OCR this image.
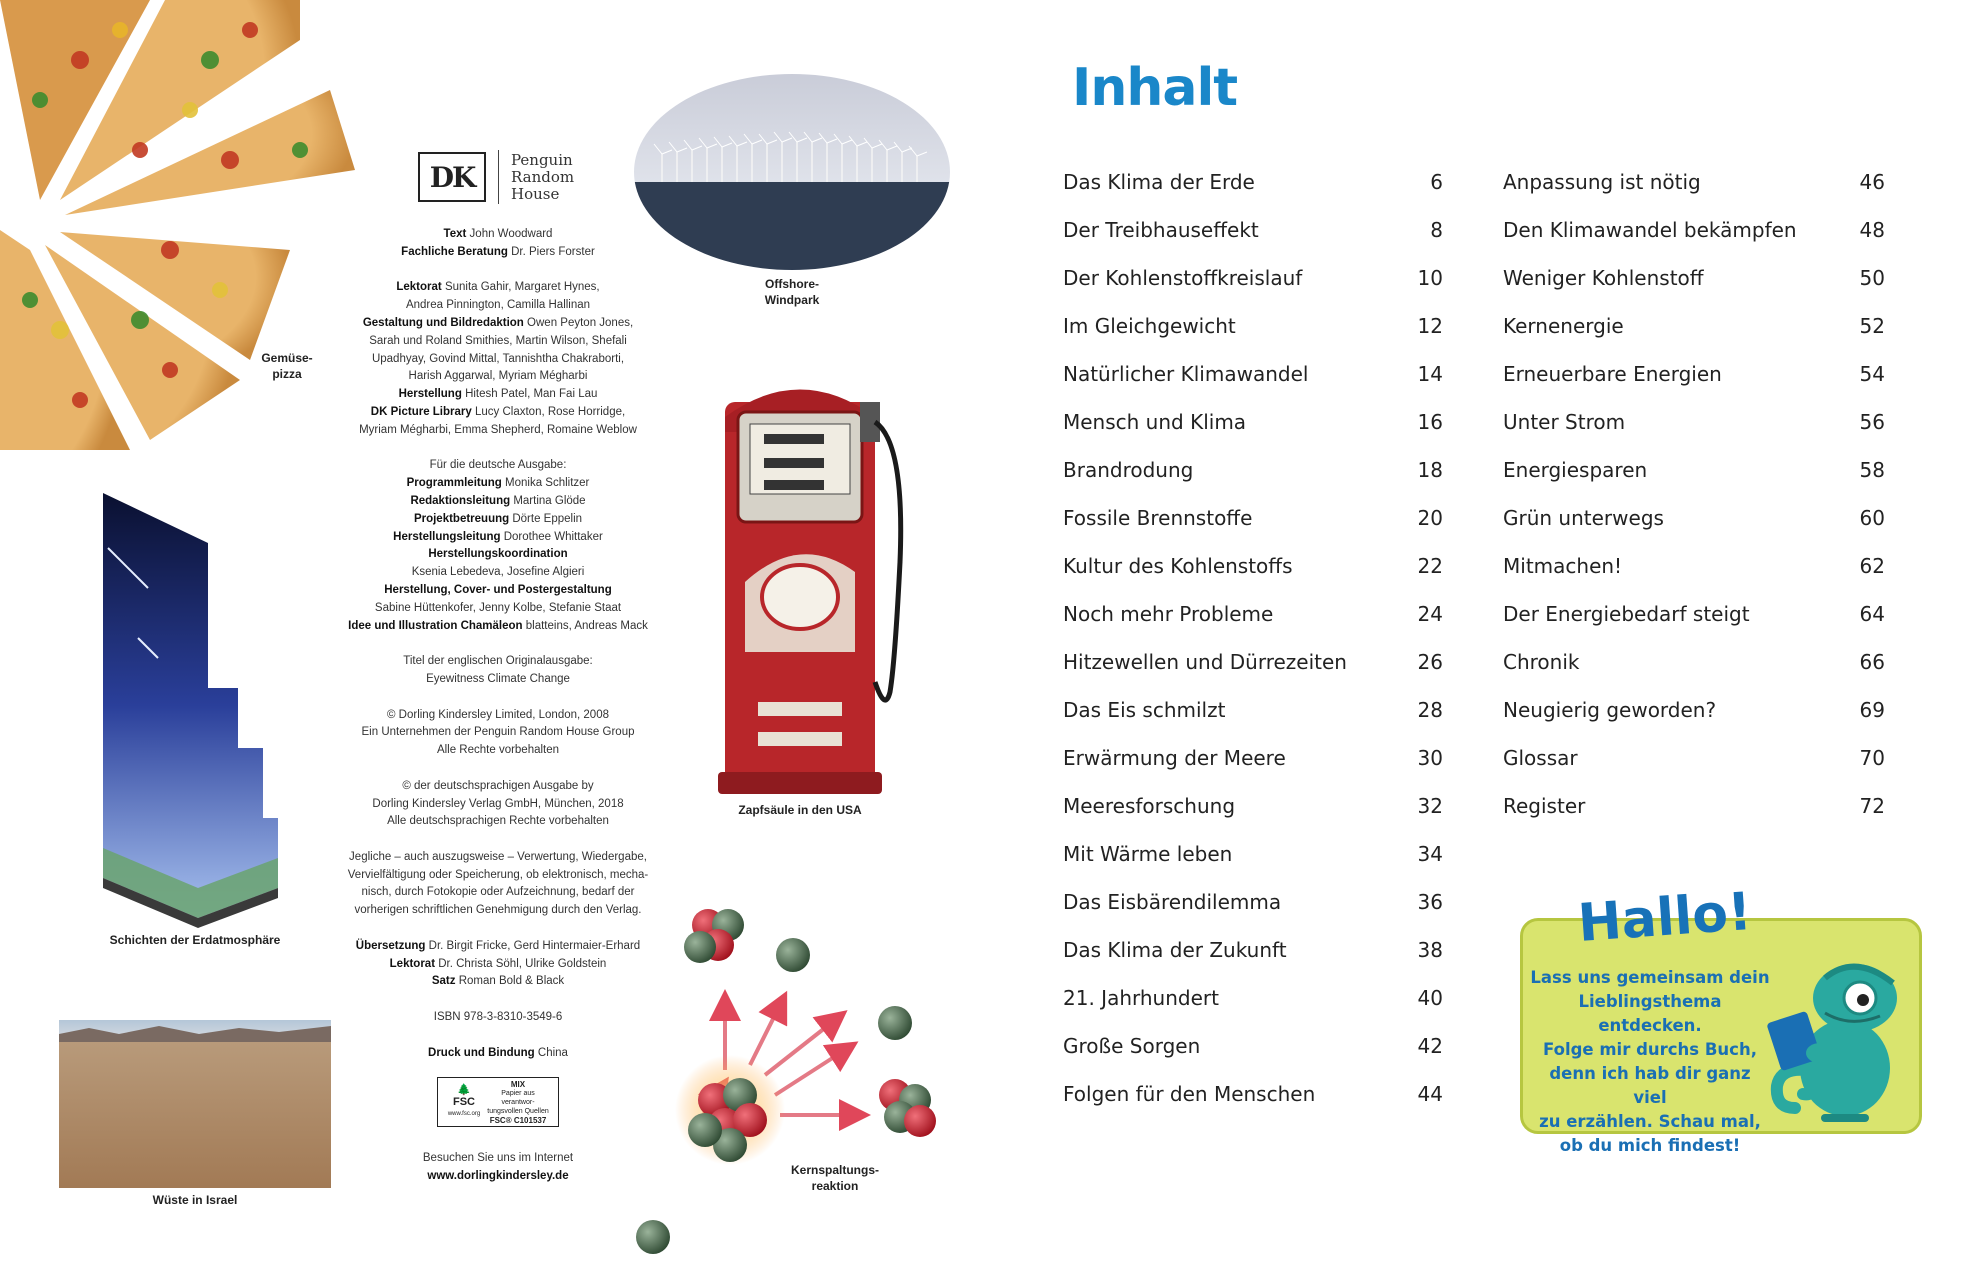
Gemüse-
pizza
DK
Penguin
Random
House

Text John Woodward

Fachliche Beratung Dr. Piers Forster

Lektorat Sunita Gahir, Margaret Hynes,

Andrea Pinnington, Camilla Hallinan

Gestaltung und Bildredaktion Owen Peyton Jones,

Sarah und Roland Smithies, Martin Wilson, Shefali

Upadhyay, Govind Mittal, Tannishtha Chakraborti,

Harish Aggarwal, Myriam Mégharbi

Herstellung Hitesh Patel, Man Fai Lau

DK Picture Library Lucy Claxton, Rose Horridge,

Myriam Mégharbi, Emma Shepherd, Romaine Weblow

Für die deutsche Ausgabe:

Programmleitung Monika Schlitzer

Redaktionsleitung Martina Glöde

Projektbetreuung Dörte Eppelin

Herstellungsleitung Dorothee Whittaker

Herstellungskoordination

Ksenia Lebedeva, Josefine Algieri

Herstellung, Cover- und Postergestaltung

Sabine Hüttenkofer, Jenny Kolbe, Stefanie Staat

Idee und Illustration Chamäleon blatteins, Andreas Mack

Titel der englischen Originalausgabe:

Eyewitness Climate Change

© Dorling Kindersley Limited, London, 2008

Ein Unternehmen der Penguin Random House Group

Alle Rechte vorbehalten

© der deutschsprachigen Ausgabe by

Dorling Kindersley Verlag GmbH, München, 2018

Alle deutschsprachigen Rechte vorbehalten

Jegliche – auch auszugsweise – Verwertung, Wiedergabe,

Vervielfältigung oder Speicherung, ob elektronisch, mecha-

nisch, durch Fotokopie oder Aufzeichnung, bedarf der

vorherigen schriftlichen Genehmigung durch den Verlag.

Übersetzung Dr. Birgit Fricke, Gerd Hintermaier-Erhard

Lektorat Dr. Christa Söhl, Ulrike Goldstein

Satz Roman Bold & Black

ISBN 978-3-8310-3549-6

Druck und Bindung China

🌲
FSC
www.fsc.org
MIX
Papier aus verantwor-
tungsvollen Quellen
FSC® C101537
Besuchen Sie uns im Internet
www.dorlingkindersley.de
Offshore-
Windpark
Zapfsäule in den USA
Schichten der Erdatmosphäre
Wüste in Israel
Kernspaltungs-
reaktion
Inhalt
Das Klima der Erde	6
Der Treibhauseffekt	8
Der Kohlenstoffkreislauf	10
Im Gleichgewicht	12
Natürlicher Klimawandel	14
Mensch und Klima	16
Brandrodung	18
Fossile Brennstoffe	20
Kultur des Kohlenstoffs	22
Noch mehr Probleme	24
Hitzewellen und Dürrezeiten	26
Das Eis schmilzt	28
Erwärmung der Meere	30
Meeresforschung	32
Mit Wärme leben	34
Das Eisbärendilemma	36
Das Klima der Zukunft	38
21. Jahrhundert	40
Große Sorgen	42
Folgen für den Menschen	44
Anpassung ist nötig	46
Den Klimawandel bekämpfen	48
Weniger Kohlenstoff	50
Kernenergie	52
Erneuerbare Energien	54
Unter Strom	56
Energiesparen	58
Grün unterwegs	60
Mitmachen!	62
Der Energiebedarf steigt	64
Chronik	66
Neugierig geworden?	69
Glossar	70
Register	72
Hallo!
Lass uns gemeinsam dein
Lieblingsthema entdecken.
Folge mir durchs Buch,
denn ich hab dir ganz viel
zu erzählen. Schau mal,
ob du mich findest!
